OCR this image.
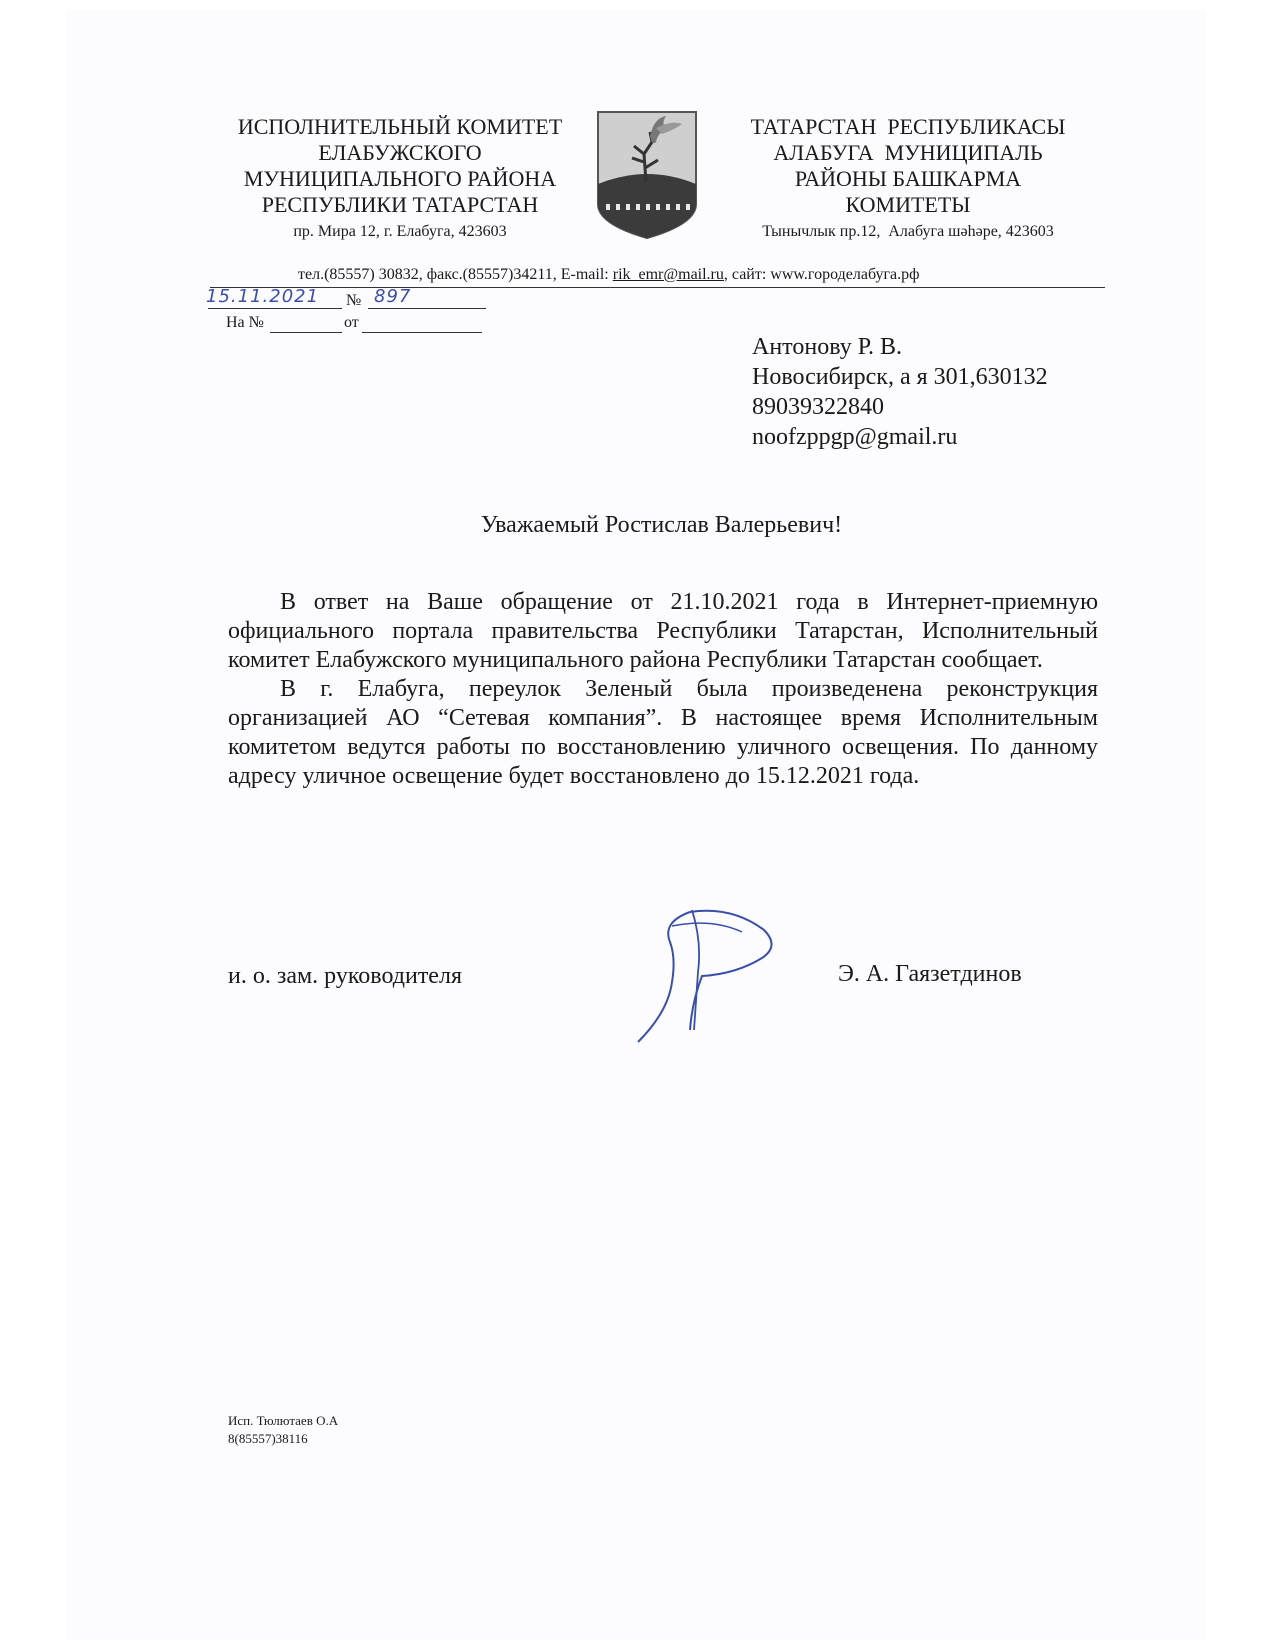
ИСПОЛНИТЕЛЬНЫЙ КОМИТЕТ
ЕЛАБУЖСКОГО
МУНИЦИПАЛЬНОГО РАЙОНА
РЕСПУБЛИКИ ТАТАРСТАН
пр. Мира 12, г. Елабуга, 423603
ТАТАРСТАН  РЕСПУБЛИКАСЫ
АЛАБУГА  МУНИЦИПАЛЬ
РАЙОНЫ БАШКАРМА
КОМИТЕТЫ
Тынычлык пр.12,  Алабуга шәһәре, 423603
тел.(85557) 30832, факс.(85557)34211, E-mail: rik_emr@mail.ru, сайт: www.городелабуга.рф
15.11.2021 № 897
На №	от
Антонову Р. В.
Новосибирск, а я 301,630132
89039322840
noofzppgp@gmail.ru
Уважаемый Ростислав Валерьевич!

В ответ на Ваше обращение от 21.10.2021 года в Интернет-приемную официального портала правительства Республики Татарстан, Исполнительный комитет Елабужского муниципального района Республики Татарстан сообщает.

В г. Елабуга, переулок Зеленый была произведенена реконструкция организацией АО “Сетевая компания”. В настоящее время Исполнительным комитетом ведутся работы по восстановлению уличного освещения. По данному адресу уличное освещение будет восстановлено до 15.12.2021 года.

и. о. зам. руководителя	Э. А. Гаязетдинов
Исп. Тюлютаев О.А
8(85557)38116
